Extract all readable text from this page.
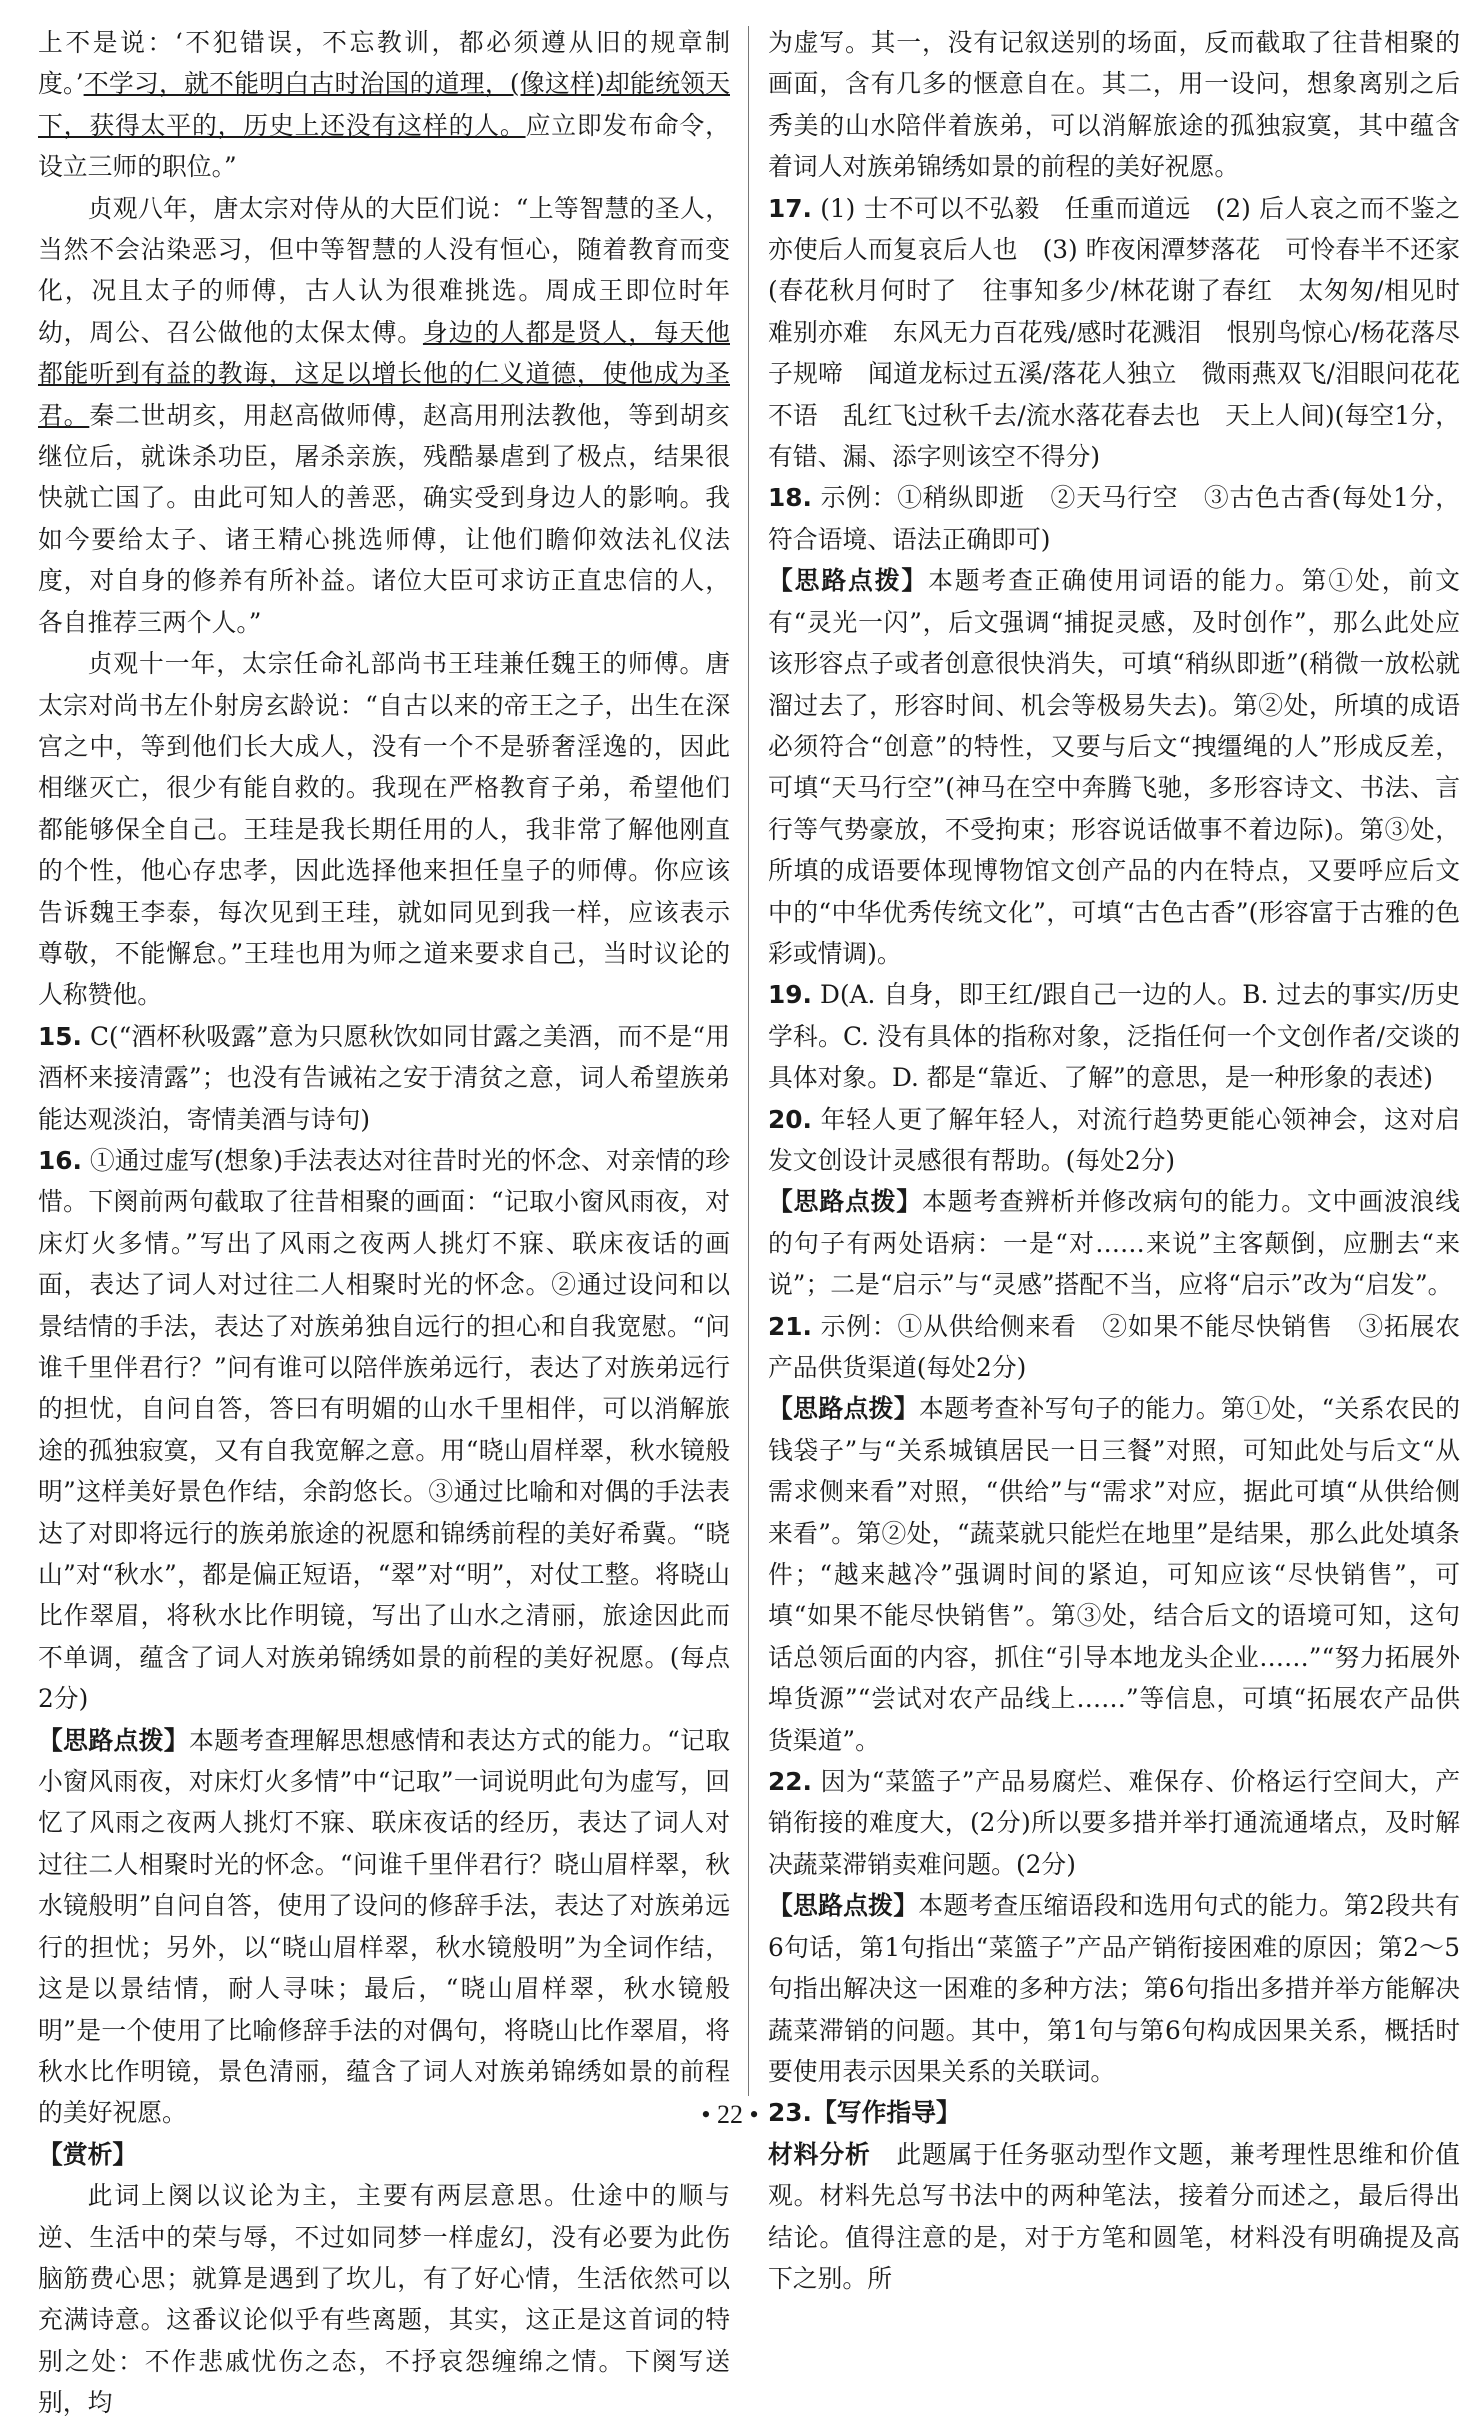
上不是说：‘不犯错误，不忘教训，都必须遵从旧的规章制度。’不学习，就不能明白古时治国的道理，(像这样)却能统领天下，获得太平的，历史上还没有这样的人。应立即发布命令，设立三师的职位。”

贞观八年，唐太宗对侍从的大臣们说：“上等智慧的圣人，当然不会沾染恶习，但中等智慧的人没有恒心，随着教育而变化，况且太子的师傅，古人认为很难挑选。周成王即位时年幼，周公、召公做他的太保太傅。身边的人都是贤人，每天他都能听到有益的教诲，这足以增长他的仁义道德，使他成为圣君。秦二世胡亥，用赵高做师傅，赵高用刑法教他，等到胡亥继位后，就诛杀功臣，屠杀亲族，残酷暴虐到了极点，结果很快就亡国了。由此可知人的善恶，确实受到身边人的影响。我如今要给太子、诸王精心挑选师傅，让他们瞻仰效法礼仪法度，对自身的修养有所补益。诸位大臣可求访正直忠信的人，各自推荐三两个人。”

贞观十一年，太宗任命礼部尚书王珪兼任魏王的师傅。唐太宗对尚书左仆射房玄龄说：“自古以来的帝王之子，出生在深宫之中，等到他们长大成人，没有一个不是骄奢淫逸的，因此相继灭亡，很少有能自救的。我现在严格教育子弟，希望他们都能够保全自己。王珪是我长期任用的人，我非常了解他刚直的个性，他心存忠孝，因此选择他来担任皇子的师傅。你应该告诉魏王李泰，每次见到王珪，就如同见到我一样，应该表示尊敬，不能懈怠。”王珪也用为师之道来要求自己，当时议论的人称赞他。

15. C(“酒杯秋吸露”意为只愿秋饮如同甘露之美酒，而不是“用酒杯来接清露”；也没有告诫祐之安于清贫之意，词人希望族弟能达观淡泊，寄情美酒与诗句)

16. ①通过虚写(想象)手法表达对往昔时光的怀念、对亲情的珍惜。下阕前两句截取了往昔相聚的画面：“记取小窗风雨夜，对床灯火多情。”写出了风雨之夜两人挑灯不寐、联床夜话的画面，表达了词人对过往二人相聚时光的怀念。②通过设问和以景结情的手法，表达了对族弟独自远行的担心和自我宽慰。“问谁千里伴君行？”问有谁可以陪伴族弟远行，表达了对族弟远行的担忧，自问自答，答曰有明媚的山水千里相伴，可以消解旅途的孤独寂寞，又有自我宽解之意。用“晓山眉样翠，秋水镜般明”这样美好景色作结，余韵悠长。③通过比喻和对偶的手法表达了对即将远行的族弟旅途的祝愿和锦绣前程的美好希冀。“晓山”对“秋水”，都是偏正短语，“翠”对“明”，对仗工整。将晓山比作翠眉，将秋水比作明镜，写出了山水之清丽，旅途因此而不单调，蕴含了词人对族弟锦绣如景的前程的美好祝愿。(每点2分)

【思路点拨】本题考查理解思想感情和表达方式的能力。“记取小窗风雨夜，对床灯火多情”中“记取”一词说明此句为虚写，回忆了风雨之夜两人挑灯不寐、联床夜话的经历，表达了词人对过往二人相聚时光的怀念。“问谁千里伴君行？晓山眉样翠，秋水镜般明”自问自答，使用了设问的修辞手法，表达了对族弟远行的担忧；另外，以“晓山眉样翠，秋水镜般明”为全词作结，这是以景结情，耐人寻味；最后，“晓山眉样翠，秋水镜般明”是一个使用了比喻修辞手法的对偶句，将晓山比作翠眉，将秋水比作明镜，景色清丽，蕴含了词人对族弟锦绣如景的前程的美好祝愿。

【赏析】

此词上阕以议论为主，主要有两层意思。仕途中的顺与逆、生活中的荣与辱，不过如同梦一样虚幻，没有必要为此伤脑筋费心思；就算是遇到了坎儿，有了好心情，生活依然可以充满诗意。这番议论似乎有些离题，其实，这正是这首词的特别之处：不作悲戚忧伤之态，不抒哀怨缠绵之情。下阕写送别，均

为虚写。其一，没有记叙送别的场面，反而截取了往昔相聚的画面，含有几多的惬意自在。其二，用一设问，想象离别之后秀美的山水陪伴着族弟，可以消解旅途的孤独寂寞，其中蕴含着词人对族弟锦绣如景的前程的美好祝愿。

17. (1) 士不可以不弘毅　任重而道远　(2) 后人哀之而不鉴之　亦使后人而复哀后人也　(3) 昨夜闲潭梦落花　可怜春半不还家(春花秋月何时了　往事知多少/林花谢了春红　太匆匆/相见时难别亦难　东风无力百花残/感时花溅泪　恨别鸟惊心/杨花落尽子规啼　闻道龙标过五溪/落花人独立　微雨燕双飞/泪眼问花花不语　乱红飞过秋千去/流水落花春去也　天上人间)(每空1分，有错、漏、添字则该空不得分)

18. 示例：①稍纵即逝　②天马行空　③古色古香(每处1分，符合语境、语法正确即可)

【思路点拨】本题考查正确使用词语的能力。第①处，前文有“灵光一闪”，后文强调“捕捉灵感，及时创作”，那么此处应该形容点子或者创意很快消失，可填“稍纵即逝”(稍微一放松就溜过去了，形容时间、机会等极易失去)。第②处，所填的成语必须符合“创意”的特性，又要与后文“拽缰绳的人”形成反差，可填“天马行空”(神马在空中奔腾飞驰，多形容诗文、书法、言行等气势豪放，不受拘束；形容说话做事不着边际)。第③处，所填的成语要体现博物馆文创产品的内在特点，又要呼应后文中的“中华优秀传统文化”，可填“古色古香”(形容富于古雅的色彩或情调)。

19. D(A. 自身，即王红/跟自己一边的人。B. 过去的事实/历史学科。C. 没有具体的指称对象，泛指任何一个文创作者/交谈的具体对象。D. 都是“靠近、了解”的意思，是一种形象的表述)

20. 年轻人更了解年轻人，对流行趋势更能心领神会，这对启发文创设计灵感很有帮助。(每处2分)

【思路点拨】本题考查辨析并修改病句的能力。文中画波浪线的句子有两处语病：一是“对……来说”主客颠倒，应删去“来说”；二是“启示”与“灵感”搭配不当，应将“启示”改为“启发”。

21. 示例：①从供给侧来看　②如果不能尽快销售　③拓展农产品供货渠道(每处2分)

【思路点拨】本题考查补写句子的能力。第①处，“关系农民的钱袋子”与“关系城镇居民一日三餐”对照，可知此处与后文“从需求侧来看”对照，“供给”与“需求”对应，据此可填“从供给侧来看”。第②处，“蔬菜就只能烂在地里”是结果，那么此处填条件；“越来越冷”强调时间的紧迫，可知应该“尽快销售”，可填“如果不能尽快销售”。第③处，结合后文的语境可知，这句话总领后面的内容，抓住“引导本地龙头企业……”“努力拓展外埠货源”“尝试对农产品线上……”等信息，可填“拓展农产品供货渠道”。

22. 因为“菜篮子”产品易腐烂、难保存、价格运行空间大，产销衔接的难度大，(2分)所以要多措并举打通流通堵点，及时解决蔬菜滞销卖难问题。(2分)

【思路点拨】本题考查压缩语段和选用句式的能力。第2段共有6句话，第1句指出“菜篮子”产品产销衔接困难的原因；第2～5句指出解决这一困难的多种方法；第6句指出多措并举方能解决蔬菜滞销的问题。其中，第1句与第6句构成因果关系，概括时要使用表示因果关系的关联词。

23.【写作指导】

材料分析　 此题属于任务驱动型作文题，兼考理性思维和价值观。材料先总写书法中的两种笔法，接着分而述之，最后得出结论。值得注意的是，对于方笔和圆笔，材料没有明确提及高下之别。所

• 22 •
